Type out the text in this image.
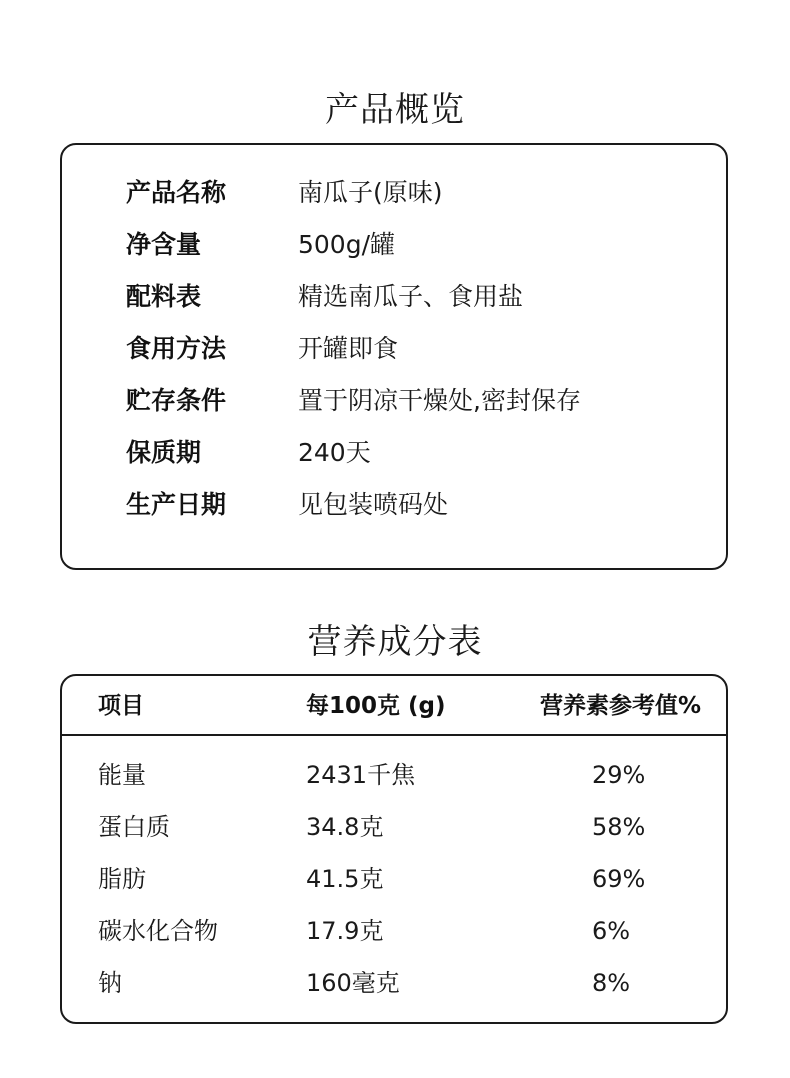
产品概览
产品名称	南瓜子(原味)
净含量	500g/罐
配料表	精选南瓜子、食用盐
食用方法	开罐即食
贮存条件	置于阴凉干燥处,密封保存
保质期	240天
生产日期	见包装喷码处
营养成分表
项目	每100克 (g)	营养素参考值%
能量	2431千焦	29%
蛋白质	34.8克	58%
脂肪	41.5克	69%
碳水化合物	17.9克	6%
钠	160毫克	8%
